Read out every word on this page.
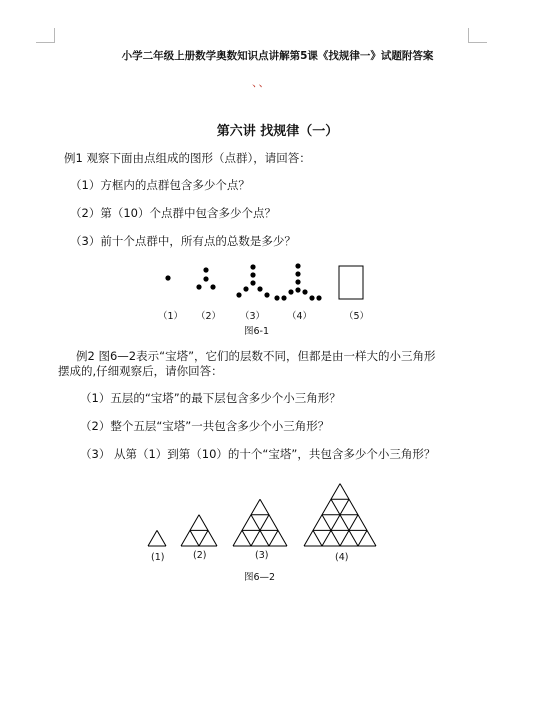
小学二年级上册数学奥数知识点讲解第5课《找规律一》试题附答案
、、
第六讲 找规律（一）
例1 观察下面由点组成的图形（点群），请回答：
（1）方框内的点群包含多少个点？
（2）第（10）个点群中包含多少个点？
（3）前十个点群中，所有点的总数是多少？
（1） （2） （3） （4）	（5）
图6-1
例2 图6—2表示“宝塔”，它们的层数不同，但都是由一样大的小三角形
摆成的,仔细观察后，请你回答：
（1）五层的“宝塔”的最下层包含多少个小三角形？
（2）整个五层“宝塔”一共包含多少个小三角形？
（3） 从第（1）到第（10）的十个“宝塔”，共包含多少个小三角形？
(1)	(2)	(3)	(4)
图6—2
